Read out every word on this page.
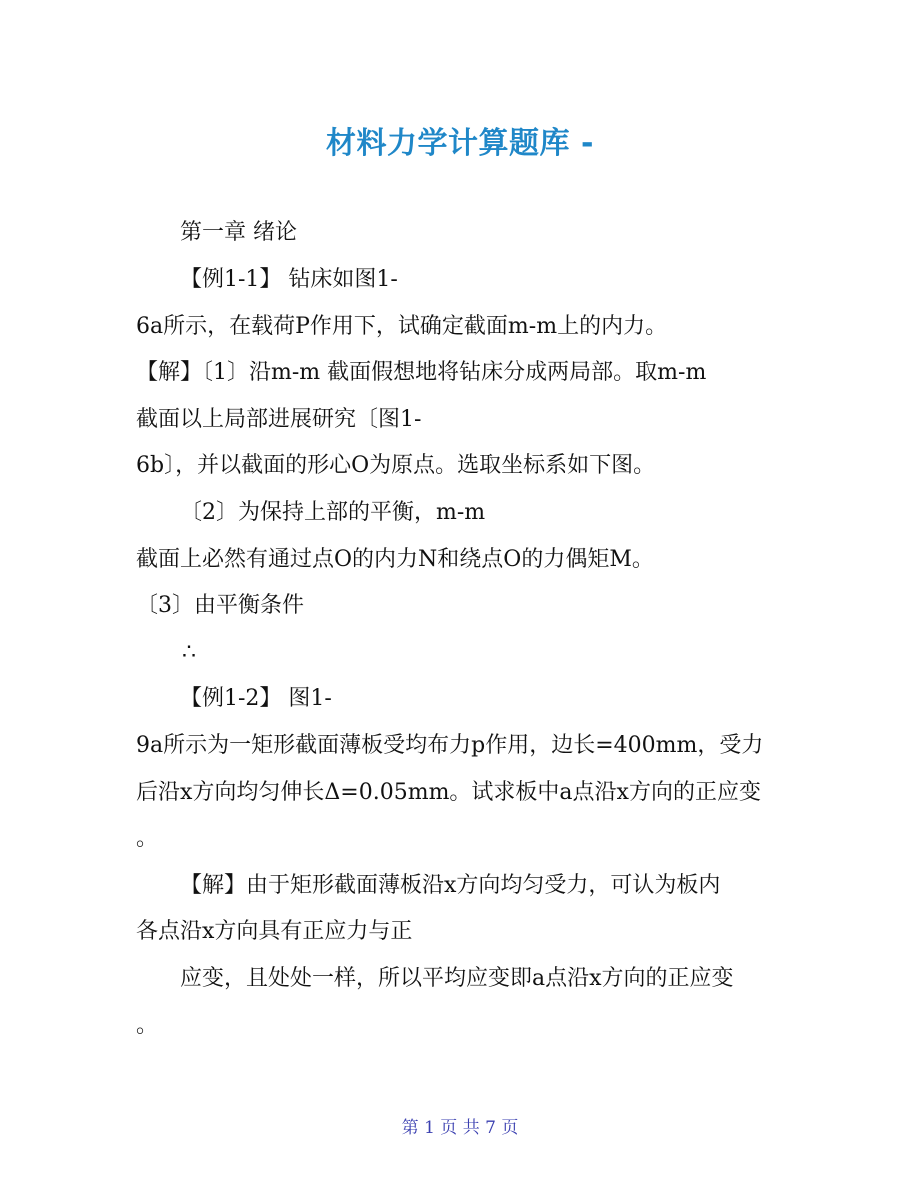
材料力学计算题库 -
第一章 绪论
【例1-1】 钻床如图1-
6a所示，在载荷P作用下，试确定截面m-m上的内力。
【解】〔1〕沿m-m 截面假想地将钻床分成两局部。取m-m
截面以上局部进展研究〔图1-
6b〕，并以截面的形心O为原点。选取坐标系如下图。
〔2〕为保持上部的平衡，m-m
截面上必然有通过点O的内力N和绕点O的力偶矩M。
〔3〕由平衡条件
∴
【例1-2】 图1-
9a所示为一矩形截面薄板受均布力p作用，边长=400mm，受力
后沿x方向均匀伸长Δ=0.05mm。试求板中a点沿x方向的正应变
。
【解】由于矩形截面薄板沿x方向均匀受力，可认为板内
各点沿x方向具有正应力与正
应变，且处处一样，所以平均应变即a点沿x方向的正应变
。
第 1 页 共 7 页
